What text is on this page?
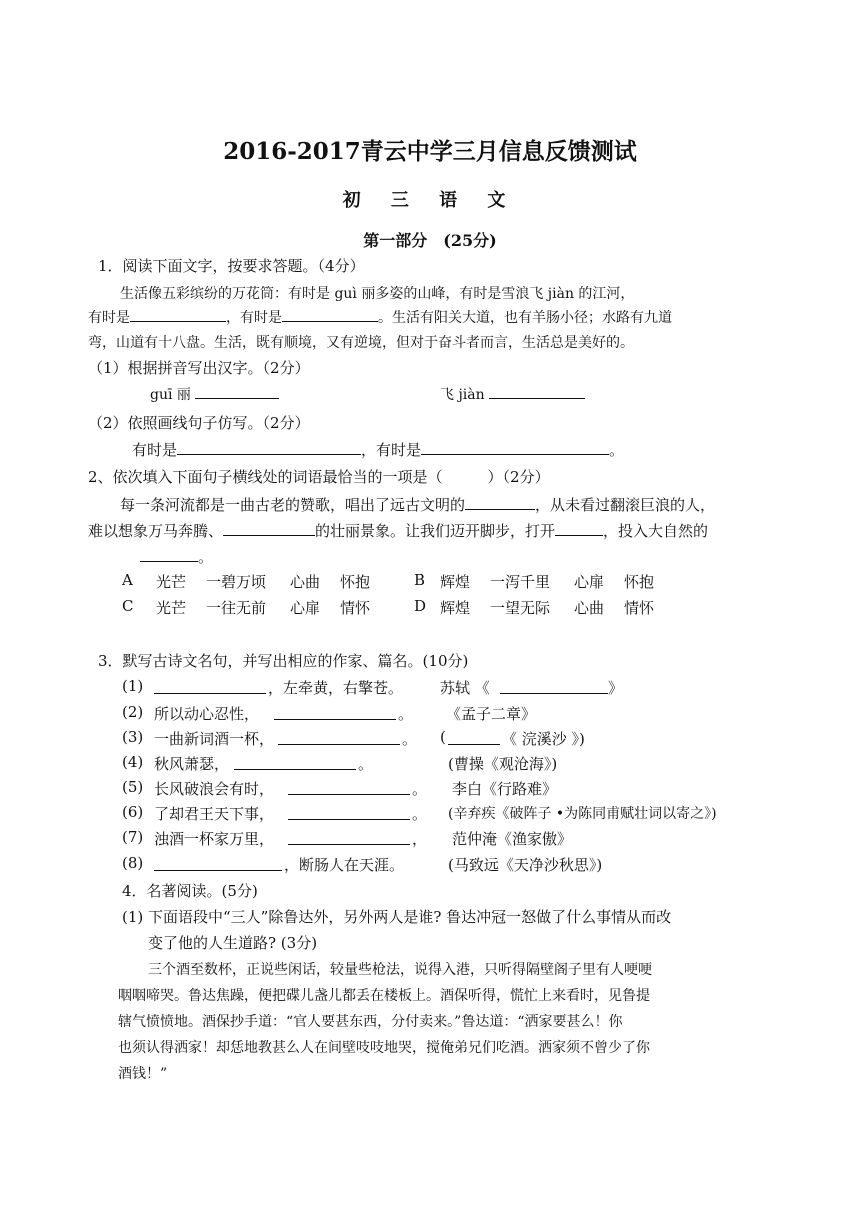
2016-2017青云中学三月信息反馈测试
初 三 语 文
第一部分　(25分)
1．阅读下面文字，按要求答题。（4分）
生活像五彩缤纷的万花筒：有时是 guì 丽多姿的山峰，有时是雪浪飞 jiàn 的江河，
有时是	，有时是	。生活有阳关大道，也有羊肠小径；水路有九道
弯，山道有十八盘。生活，既有顺境，又有逆境，但对于奋斗者而言，生活总是美好的。
（1）根据拼音写出汉字。（2分）
guī 丽	飞 jiàn
（2）依照画线句子仿写。（2分）
有时是	，有时是	。
2、依次填入下面句子横线处的词语最恰当的一项是（　　　）（2分）
每一条河流都是一曲古老的赞歌，唱出了远古文明的	，从未看过翻滚巨浪的人，
难以想象万马奔腾、	的壮丽景象。让我们迈开脚步，打开	，投入大自然的
。
A 光芒 一碧万顷 心曲 怀抱	B 辉煌 一泻千里 心扉 怀抱
C 光芒 一往无前 心扉 情怀	D 辉煌 一望无际 心曲 情怀
3．默写古诗文名句，并写出相应的作家、篇名。(10分)
(1)	，左牵黄，右擎苍。 苏轼 《	》
(2) 所以动心忍性，	。 《孟子二章》
(3) 一曲新词酒一杯，	。 (	《 浣溪沙 》)
(4) 秋风萧瑟，	。	(曹操《观沧海》)
(5) 长风破浪会有时，	。 李白《行路难》
(6) 了却君王天下事，	。 (辛弃疾《破阵子 •为陈同甫赋壮词以寄之》)
(7) 浊酒一杯家万里，	， 范仲淹《渔家傲》
(8)	，断肠人在天涯。	(马致远《天净沙秋思》)
4．名著阅读。(5分)
(1) 下面语段中“三人”除鲁达外，另外两人是谁? 鲁达冲冠一怒做了什么事情从而改
变了他的人生道路? (3分)
三个酒至数杯，正说些闲话，较量些枪法，说得入港，只听得隔壁阁子里有人哽哽
咽咽啼哭。鲁达焦躁，便把碟儿盏儿都丢在楼板上。酒保听得，慌忙上来看时，见鲁提
辖气愤愤地。酒保抄手道：“官人要甚东西，分付卖来。”鲁达道：“洒家要甚么！你
也须认得洒家！却恁地教甚么人在间壁吱吱地哭，搅俺弟兄们吃酒。洒家须不曾少了你
酒钱！”
